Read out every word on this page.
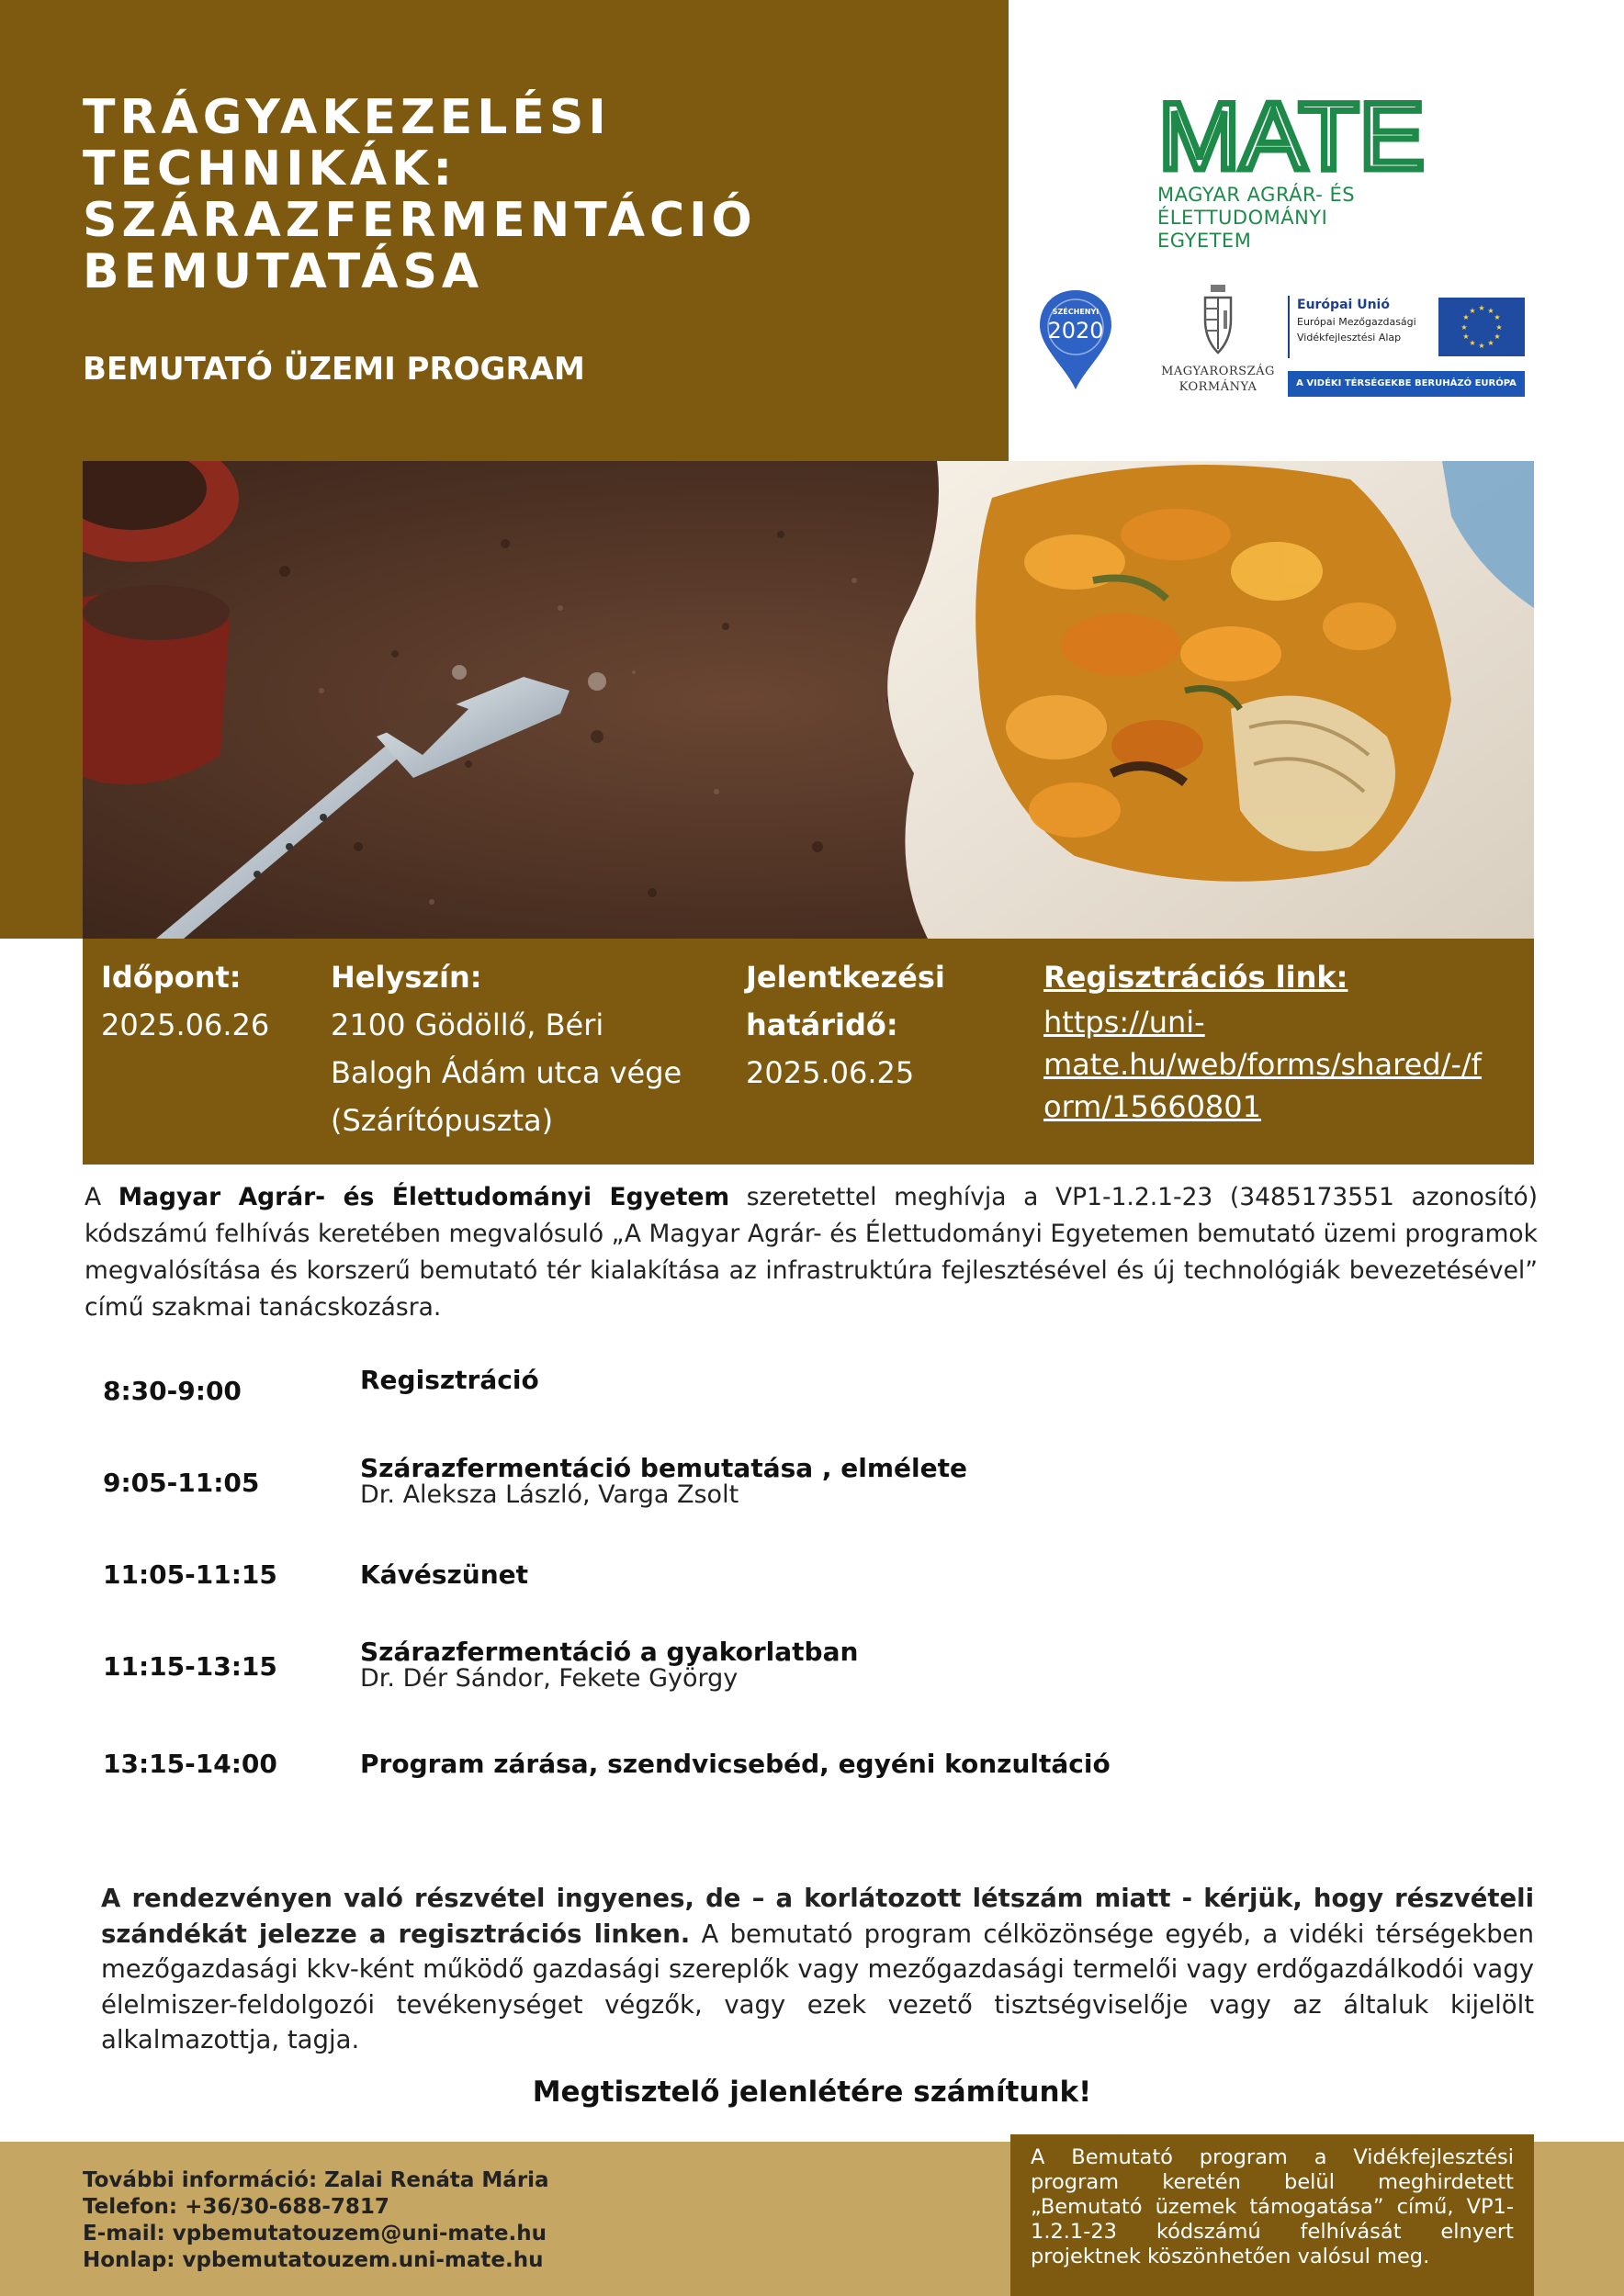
TRÁGYAKEZELÉSI
TECHNIKÁK:
SZÁRAZFERMENTÁCIÓ
BEMUTATÁSA
BEMUTATÓ ÜZEMI PROGRAM
MATE
MAGYAR AGRÁR- ÉS
ÉLETTUDOMÁNYI EGYETEM
SZÉCHENYI
2020
MAGYARORSZÁG
KORMÁNYA
Európai Unió
Európai Mezőgazdasági
Vidékfejlesztési Alap
★ ★
★
★
★
★
★
★
★
★
★
★
A VIDÉKI TÉRSÉGEKBE BERUHÁZÓ EURÓPA
Időpont:
2025.06.26
Helyszín:
2100 Gödöllő, Béri
Balogh Ádám utca vége
(Szárítópuszta)
Jelentkezési
határidő:
2025.06.25
Regisztrációs link:
https://uni-
mate.hu/web/forms/shared/-/f
orm/15660801

A Magyar Agrár- és Élettudományi Egyetem szeretettel meghívja a VP1-1.2.1-23 (3485173551 azonosító) kódszámú felhívás keretében megvalósuló „A Magyar Agrár- és Élettudományi Egyetemen bemutató üzemi programok megvalósítása és korszerű bemutató tér kialakítása az infrastruktúra fejlesztésével és új technológiák bevezetésével” című szakmai tanácskozásra.

8:30-9:00	Regisztráció
9:05-11:05	Szárazfermentáció bemutatása , elmélete
Dr. Aleksza László, Varga Zsolt
11:05-11:15	Kávészünet
11:15-13:15	Szárazfermentáció a gyakorlatban
Dr. Dér Sándor, Fekete György
13:15-14:00	Program zárása, szendvicsebéd, egyéni konzultáció

A rendezvényen való részvétel ingyenes, de – a korlátozott létszám miatt - kérjük, hogy részvételi szándékát jelezze a regisztrációs linken. A bemutató program célközönsége egyéb, a vidéki térségekben mezőgazdasági kkv-ként működő gazdasági szereplők vagy mezőgazdasági termelői vagy erdőgazdálkodói vagy élelmiszer-feldolgozói tevékenységet végzők, vagy ezek vezető tisztségviselője vagy az általuk kijelölt alkalmazottja, tagja.

Megtisztelő jelenlétére számítunk!
További információ: Zalai Renáta Mária
Telefon: +36/30-688-7817
E-mail: vpbemutatouzem@uni-mate.hu
Honlap: vpbemutatouzem.uni-mate.hu
A Bemutató program a Vidékfejlesztési program keretén belül meghirdetett „Bemutató üzemek támogatása” című, VP1-1.2.1-23 kódszámú felhívását elnyert projektnek köszönhetően valósul meg.
